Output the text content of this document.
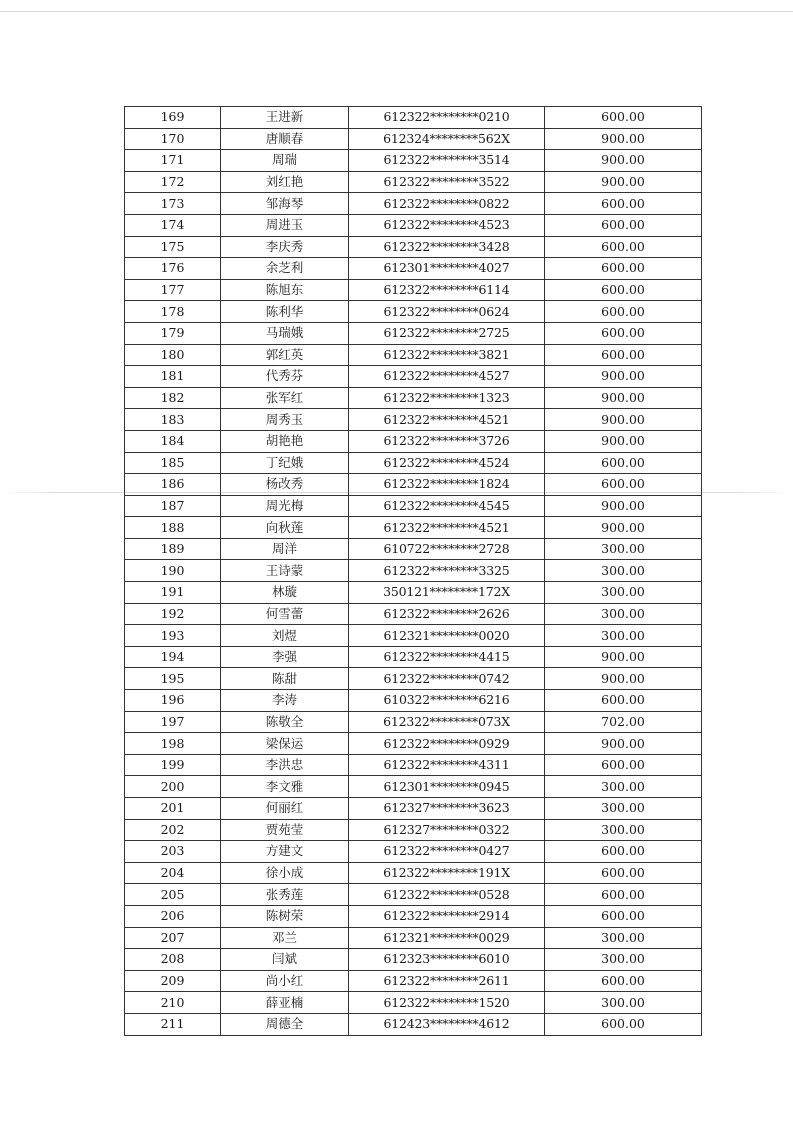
169	王进新	612322********0210	600.00
170	唐顺春	612324********562X	900.00
171	周瑞	612322********3514	900.00
172	刘红艳	612322********3522	900.00
173	邹海琴	612322********0822	600.00
174	周进玉	612322********4523	600.00
175	李庆秀	612322********3428	600.00
176	余芝利	612301********4027	600.00
177	陈旭东	612322********6114	600.00
178	陈利华	612322********0624	600.00
179	马瑞娥	612322********2725	600.00
180	郭红英	612322********3821	600.00
181	代秀芬	612322********4527	900.00
182	张军红	612322********1323	900.00
183	周秀玉	612322********4521	900.00
184	胡艳艳	612322********3726	900.00
185	丁纪娥	612322********4524	600.00
186	杨改秀	612322********1824	600.00
187	周光梅	612322********4545	900.00
188	向秋莲	612322********4521	900.00
189	周洋	610722********2728	300.00
190	王诗蒙	612322********3325	300.00
191	林璇	350121********172X	300.00
192	何雪蕾	612322********2626	300.00
193	刘煜	612321********0020	300.00
194	李强	612322********4415	900.00
195	陈甜	612322********0742	900.00
196	李涛	610322********6216	600.00
197	陈敬全	612322********073X	702.00
198	梁保运	612322********0929	900.00
199	李洪忠	612322********4311	600.00
200	李文雅	612301********0945	300.00
201	何丽红	612327********3623	300.00
202	贾苑莹	612327********0322	300.00
203	方建文	612322********0427	600.00
204	徐小成	612322********191X	600.00
205	张秀莲	612322********0528	600.00
206	陈树荣	612322********2914	600.00
207	邓兰	612321********0029	300.00
208	闫斌	612323********6010	300.00
209	尚小红	612322********2611	600.00
210	薛亚楠	612322********1520	300.00
211	周德全	612423********4612	600.00
